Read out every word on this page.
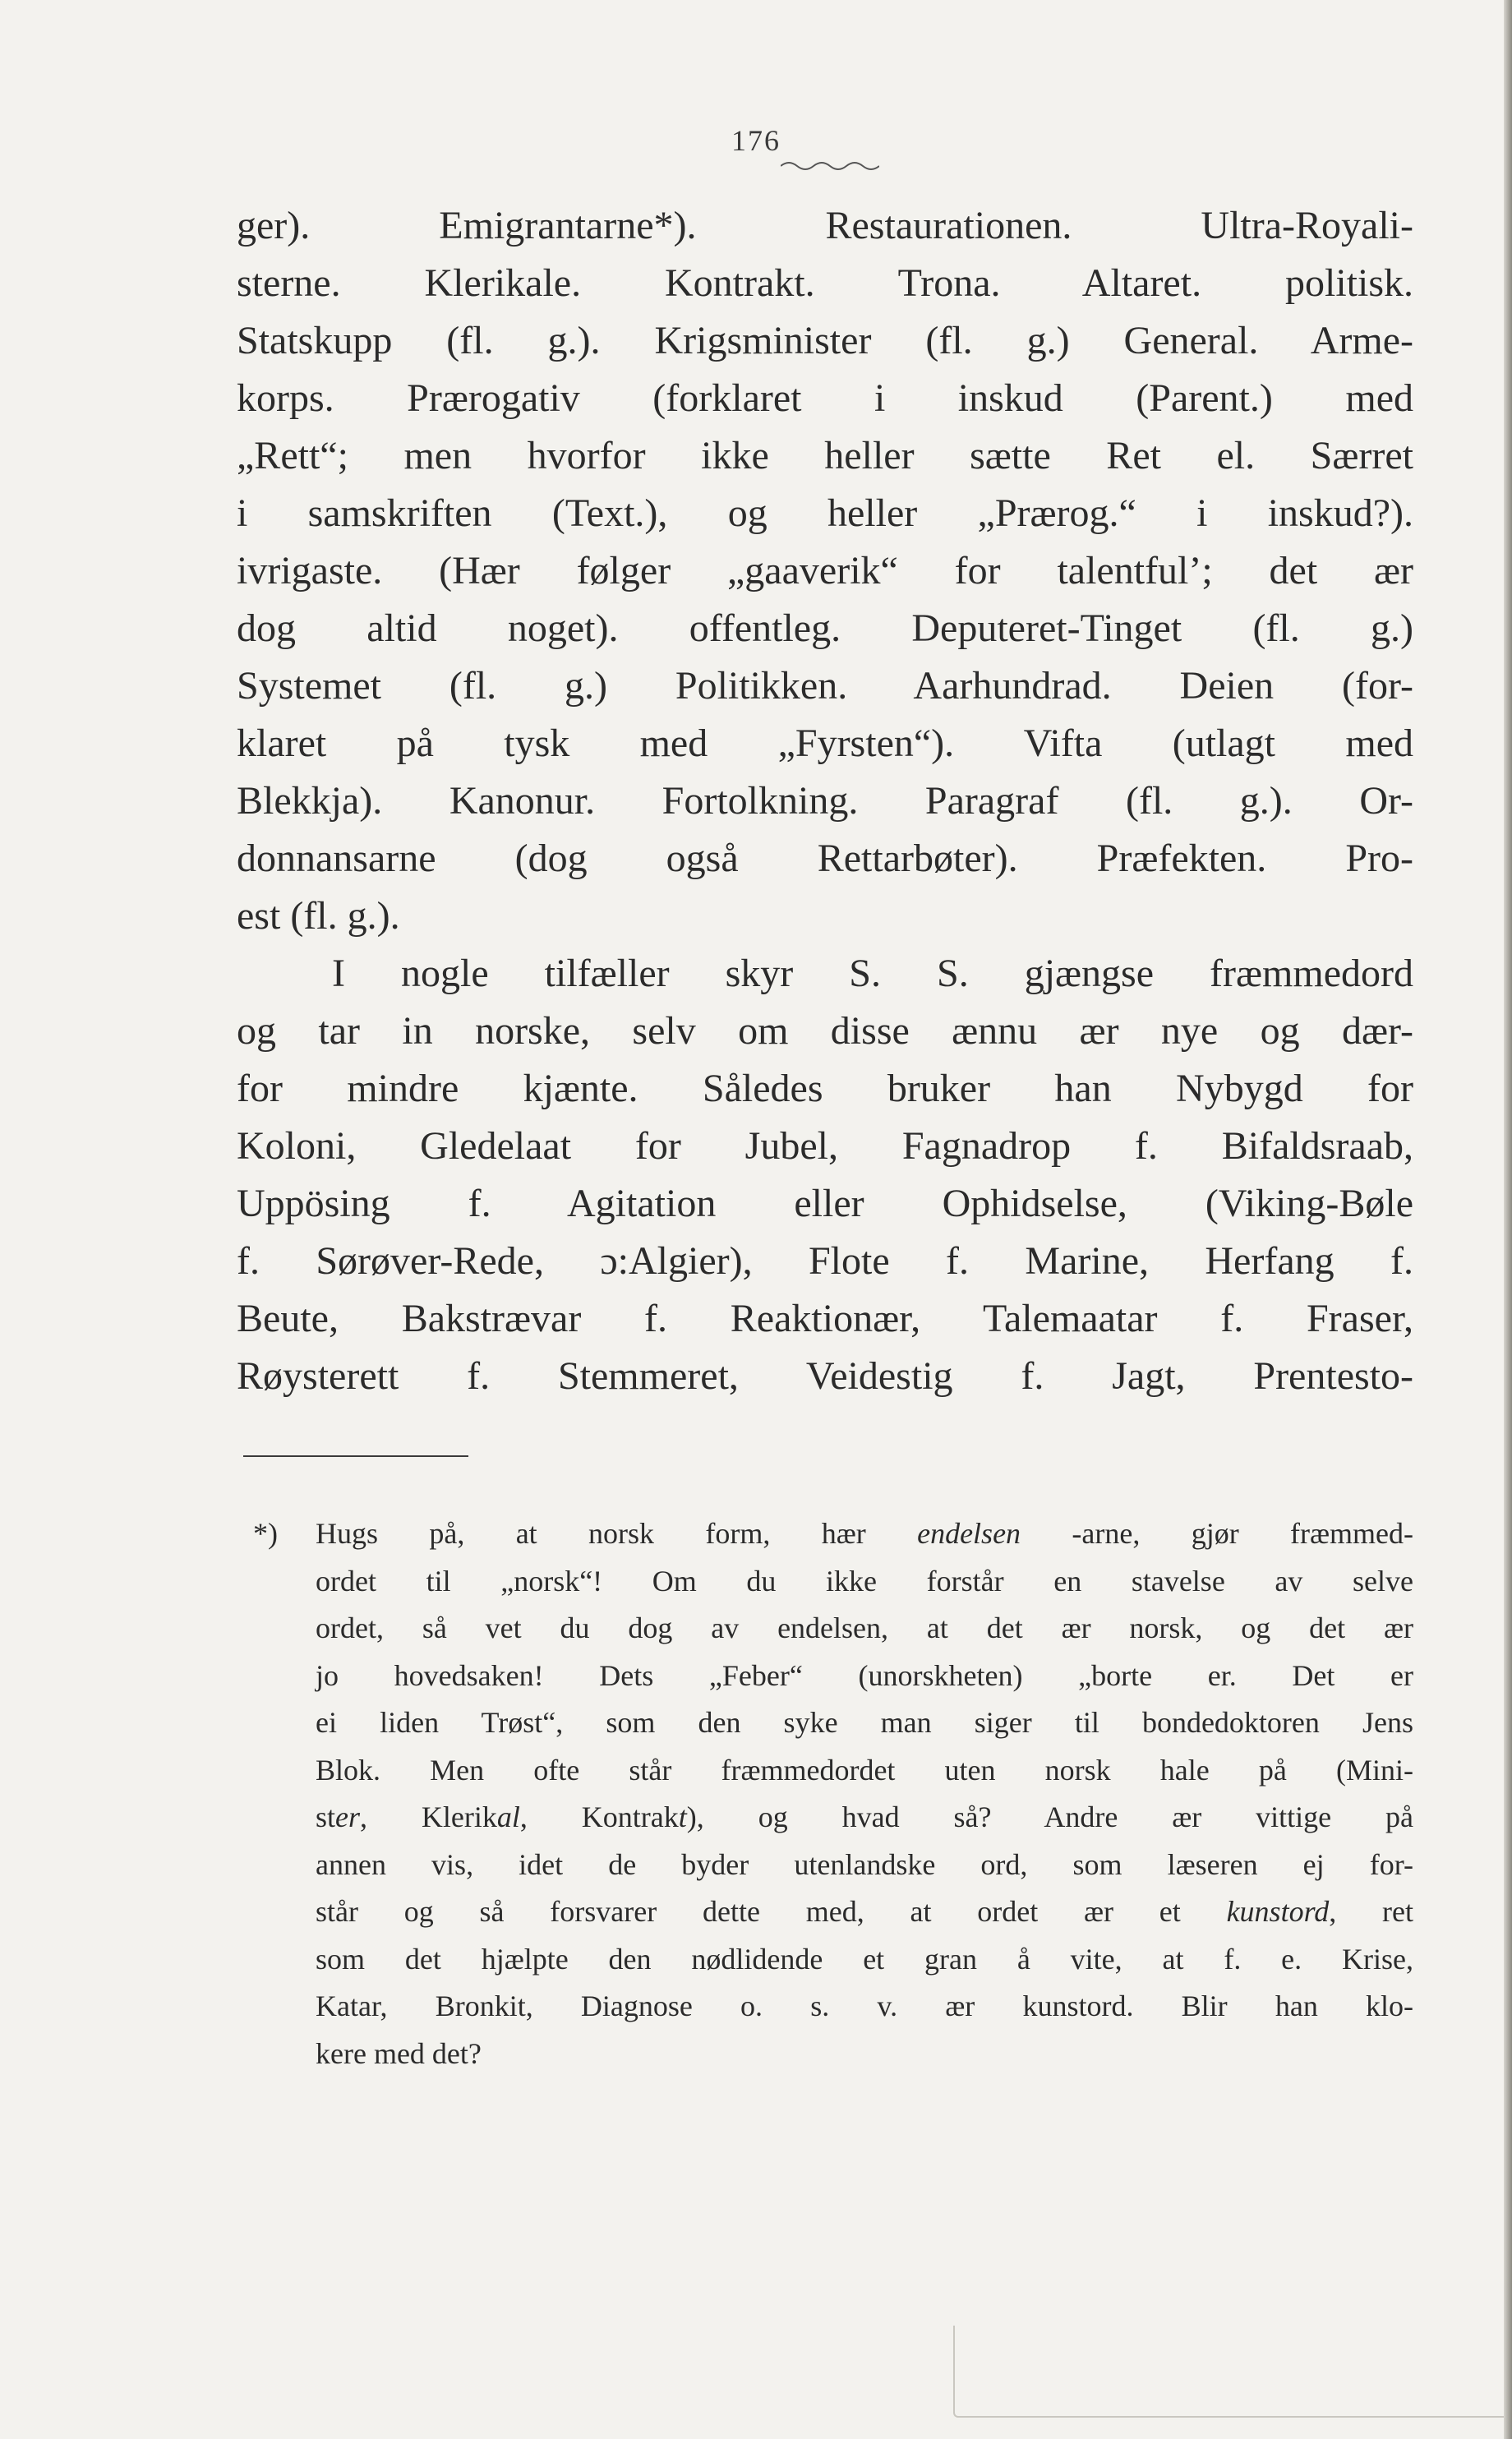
176
ger). Emigrantarne*). Restaurationen. Ultra-Royali-
sterne. Klerikale. Kontrakt. Trona. Altaret. politisk.
Statskupp (fl. g.). Krigsminister (fl. g.) General. Arme-
korps. Prærogativ (forklaret i inskud (Parent.) med
„Rett“; men hvorfor ikke heller sætte Ret el. Særret
i samskriften (Text.), og heller „Prærog.“ i inskud?).
ivrigaste. (Hær følger „gaaverik“ for talentful’; det ær
dog altid noget). offentleg. Deputeret-Tinget (fl. g.)
Systemet (fl. g.) Politikken. Aarhundrad. Deien (for-
klaret på tysk med „Fyrsten“). Vifta (utlagt med
Blekkja). Kanonur. Fortolkning. Paragraf (fl. g.). Or-
donnansarne (dog også Rettarbøter). Præfekten. Pro-
est (fl. g.).
I nogle tilfæller skyr S. S. gjængse fræmmedord
og tar in norske, selv om disse ænnu ær nye og dær-
for mindre kjænte. Således bruker han Nybygd for
Koloni, Gledelaat for Jubel, Fagnadrop f. Bifaldsraab,
Uppösing f. Agitation eller Ophidselse, (Viking-Bøle
f. Sørøver-Rede, ɔ:Algier), Flote f. Marine, Herfang f.
Beute, Bakstrævar f. Reaktionær, Talemaatar f. Fraser,
Røysterett f. Stemmeret, Veidestig f. Jagt, Prentesto-
*)	Hugs på, at norsk form, hær endelsen -arne, gjør fræmmed-
ordet til „norsk“! Om du ikke forstår en stavelse av selve
ordet, så vet du dog av endelsen, at det ær norsk, og det ær
jo hovedsaken! Dets „Feber“ (unorskheten) „borte er. Det er
ei liden Trøst“, som den syke man siger til bondedoktoren Jens
Blok. Men ofte står fræmmedordet uten norsk hale på (Mini-
ster, Klerikal, Kontrakt), og hvad så? Andre ær vittige på
annen vis, idet de byder utenlandske ord, som læseren ej for-
står og så forsvarer dette med, at ordet ær et kunstord, ret
som det hjælpte den nødlidende et gran å vite, at f. e. Krise,
Katar, Bronkit, Diagnose o. s. v. ær kunstord. Blir han klo-
kere med det?
